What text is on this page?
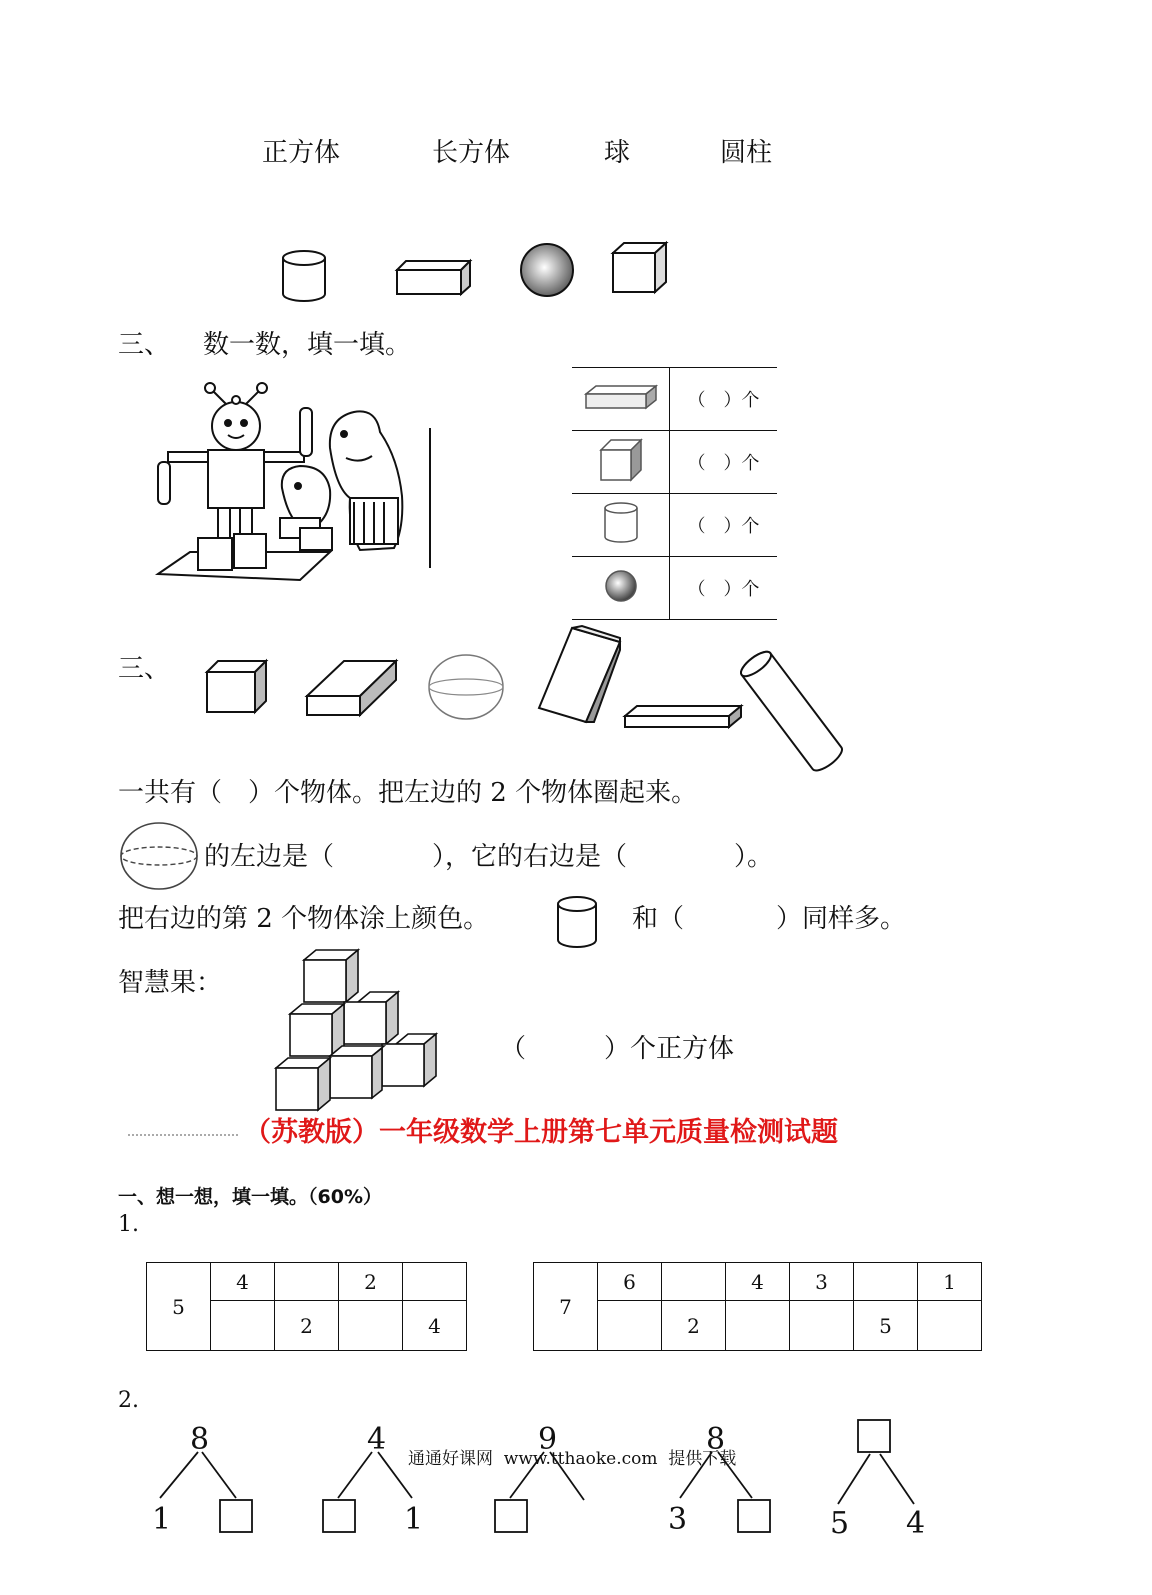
正方体	长方体	球	圆柱
三、 数一数，填一填。
	（　）个
	（　）个
	（　）个
	（　）个
三、
一共有（　）个物体。把左边的 2 个物体圈起来。
的左边是（	），它的右边是（	）。
把右边的第 2 个物体涂上颜色。	和（	）同样多。
智慧果：
（　　　）个正方体
（苏教版）一年级数学上册第七单元质量检测试题
一、想一想，填一填。（60%）
1.
5	4		2	
		2		4
7	6		4	3		1
		2			5	
2.
8
1
4
1
9	8
3	5 4
通通好课网  www.tthaoke.com  提供下载
